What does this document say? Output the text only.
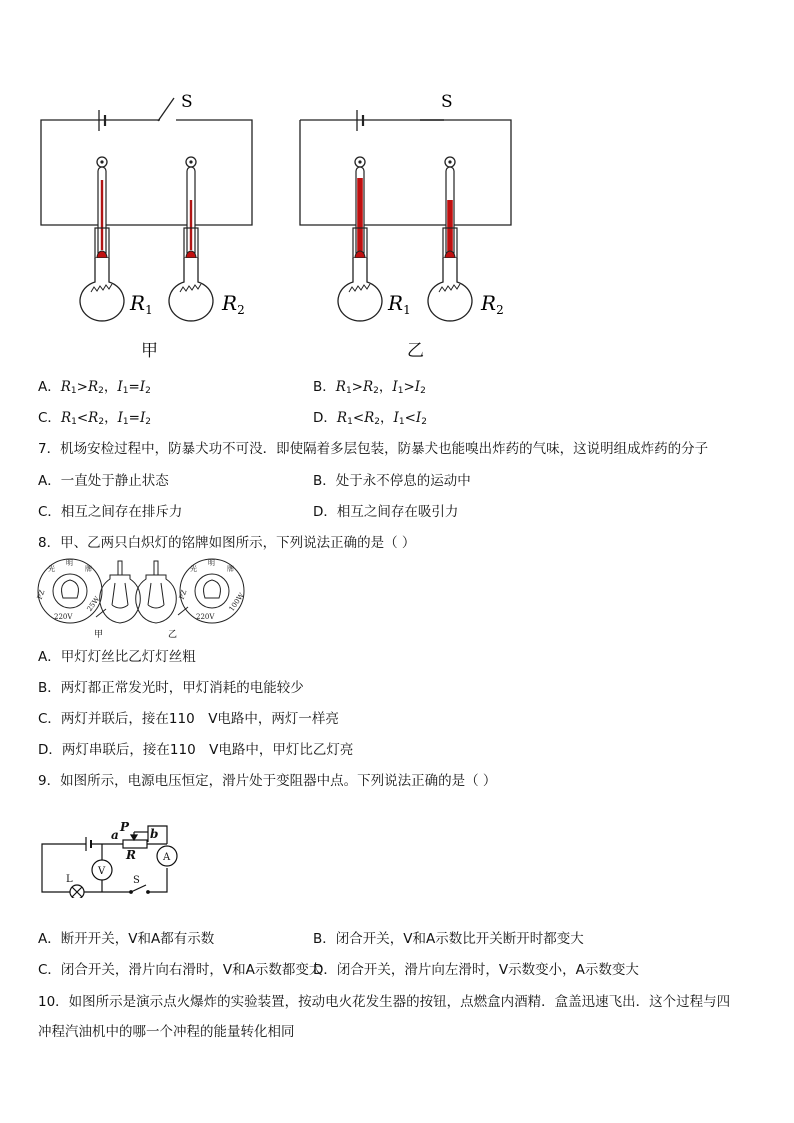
S	S
$R_1$	$R_2$	$R_1$	$R_2$
甲	乙
A．$R_1>R_2$，$I_1=I_2$	B．$R_1>R_2$，$I_1>I_2$
C．$R_1<R_2$，$I_1=I_2$	D．$R_1<R_2$，$I_1<I_2$
7．机场安检过程中，防暴犬功不可没．即使隔着多层包装，防暴犬也能嗅出炸药的气味，这说明组成炸药的分子
A．一直处于静止状态	B．处于永不停息的运动中
C．相互之间存在排斥力	D．相互之间存在吸引力
8．甲、乙两只白炽灯的铭牌如图所示，下列说法正确的是（ ）
光
明
牌
PZ
220V
25W
光
明
牌
PZ
220V
100W
甲	乙
A．甲灯灯丝比乙灯灯丝粗
B．两灯都正常发光时，甲灯消耗的电能较少
C．两灯并联后，接在110　V电路中，两灯一样亮
D．两灯串联后，接在110　V电路中，甲灯比乙灯亮
9．如图所示，电源电压恒定，滑片处于变阻器中点。下列说法正确的是（ ）
a
P b
R
V
A
L	S
A．断开开关，V和A都有示数	B．闭合开关，V和A示数比开关断开时都变大
C．闭合开关，滑片向右滑时，V和A示数都变大
D．闭合开关，滑片向左滑时，V示数变小，A示数变大
10．如图所示是演示点火爆炸的实验装置，按动电火花发生器的按钮，点燃盒内酒精．盒盖迅速飞出．这个过程与四
冲程汽油机中的哪一个冲程的能量转化相同
